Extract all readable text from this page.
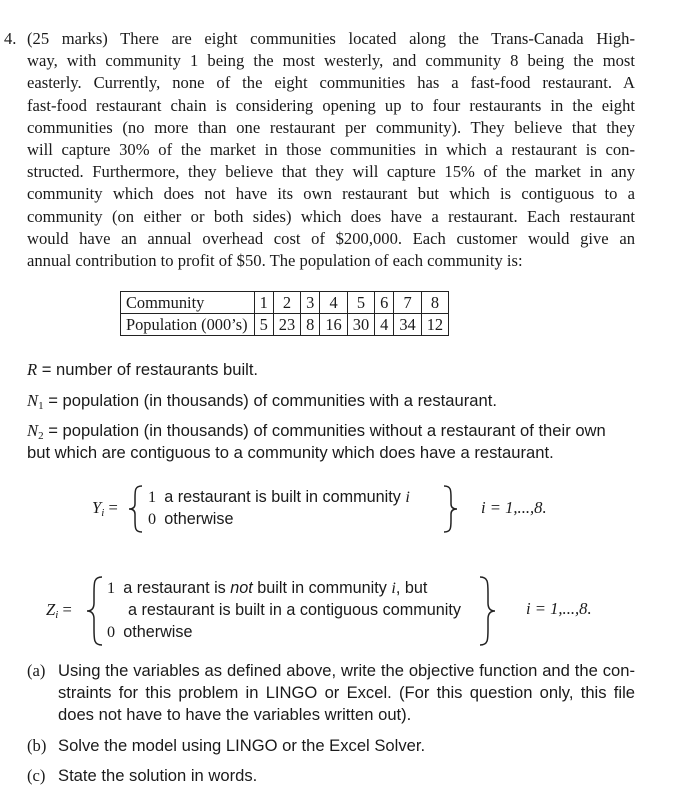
4. (25 marks) There are eight communities located along the Trans-Canada High-
way, with community 1 being the most westerly, and community 8 being the most
easterly. Currently, none of the eight communities has a fast-food restaurant. A
fast-food restaurant chain is considering opening up to four restaurants in the eight
communities (no more than one restaurant per community). They believe that they
will capture 30% of the market in those communities in which a restaurant is con-
structed. Furthermore, they believe that they will capture 15% of the market in any
community which does not have its own restaurant but which is contiguous to a
community (on either or both sides) which does have a restaurant. Each restaurant
would have an annual overhead cost of $200,000. Each customer would give an
annual contribution to profit of $50. The population of each community is:
Community	1	2	3	4	5	6	7	8
Population (000’s)	5	23	8	16	30	4	34	12
R = number of restaurants built.
$N_1$ = population (in thousands) of communities with a restaurant.
$N_2$ = population (in thousands) of communities without a restaurant of their own
but which are contiguous to a community which does have a restaurant.
$Y_i$ =
1 a restaurant is built in community i
0 otherwise
i = 1,...,8.
$Z_i$ =
1 a restaurant is not built in community i, but
a restaurant is built in a contiguous community
0 otherwise
i = 1,...,8.
(a) Using the variables as defined above, write the objective function and the con-
straints for this problem in LINGO or Excel. (For this question only, this file
does not have to have the variables written out).
(b) Solve the model using LINGO or the Excel Solver.
(c) State the solution in words.
